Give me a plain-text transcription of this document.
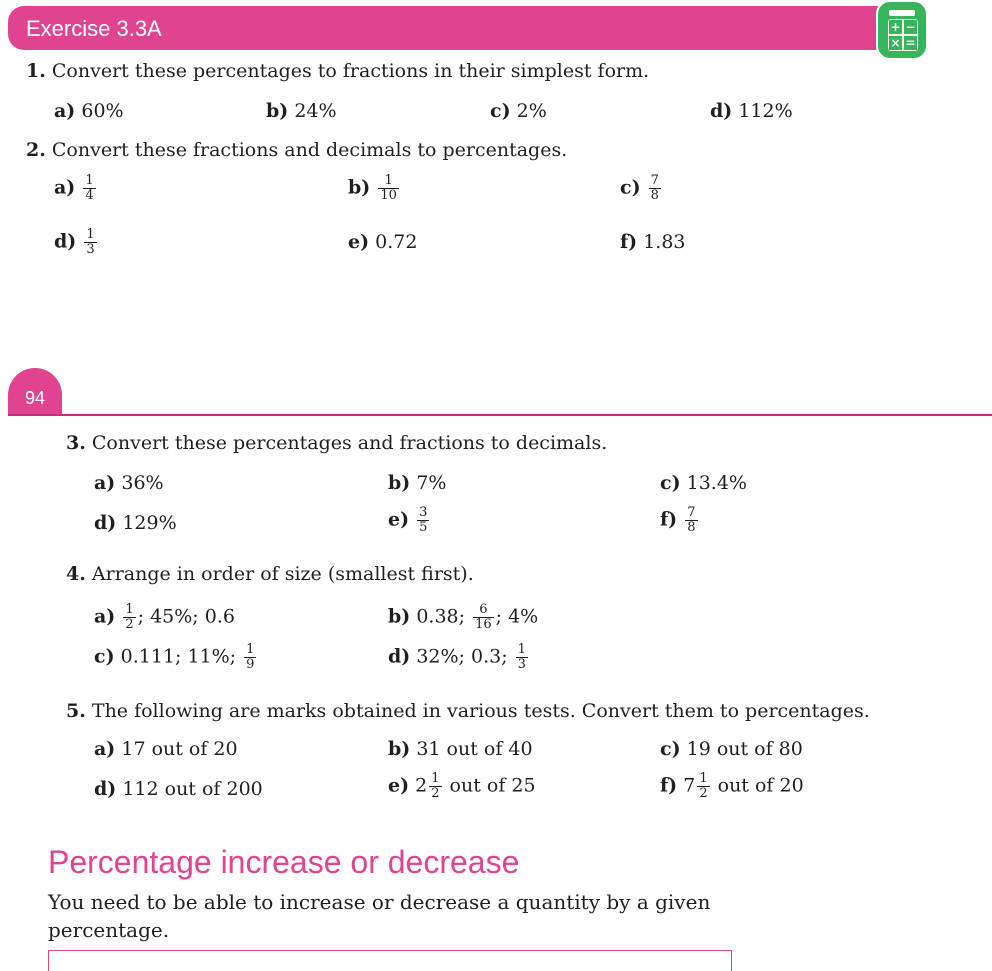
Exercise 3.3A	+ −
× =
1. Convert these percentages to fractions in their simplest form.
a) 60%	b) 24%	c) 2%	d) 112%
2. Convert these fractions and decimals to percentages.
$a) \frac{1}{4}$	$b) \frac{1}{10}$	$c) \frac{7}{8}$
$d) \frac{1}{3}$	e) 0.72	f) 1.83
94
3. Convert these percentages and fractions to decimals.
a) 36%	b) 7%	c) 13.4%
d) 129%	$e) \frac{3}{5}$	$f) \frac{7}{8}$
4. Arrange in order of size (smallest first).
$a) \frac{1}{2}$ ; 45%; 0.6	b) 0.38; $\frac{6}{16}$ ; 4%
c) 0.111; 11%; $\frac{1}{9}$	d) 32%; 0.3; $\frac{1}{3}$
5. The following are marks obtained in various tests. Convert them to percentages.
a) 17 out of 20	b) 31 out of 40	c) 19 out of 80
d) 112 out of 200	e) $2 \frac{1}{2}$ out of 25	f) $7 \frac{1}{2}$ out of 20
Percentage increase or decrease
You need to be able to increase or decrease a quantity by a given percentage.
